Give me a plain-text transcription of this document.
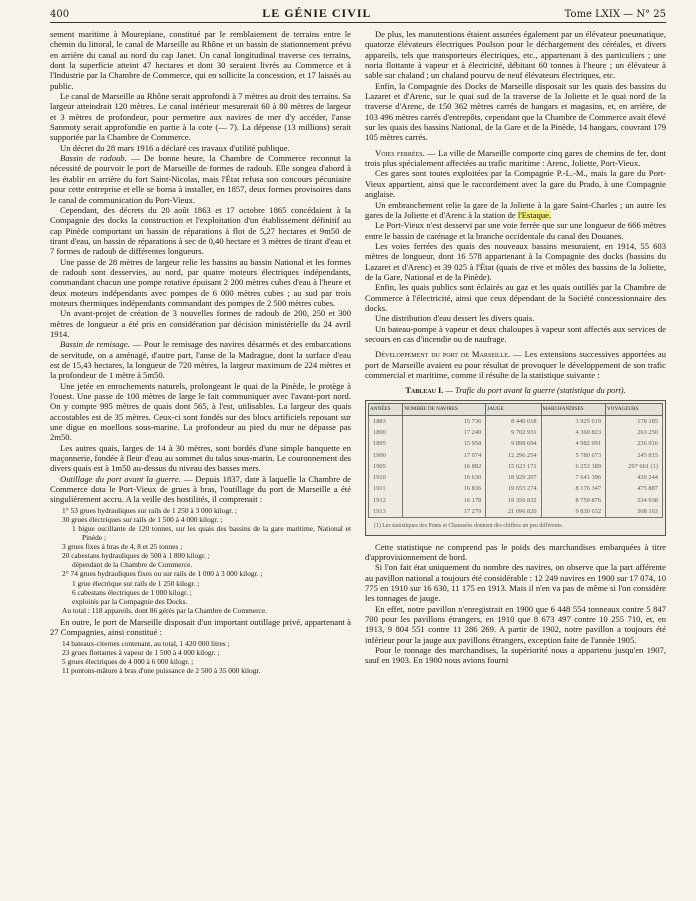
400	LE GÉNIE CIVIL	Tome LXIX — N° 25

sement maritime à Mourepiane, constitué par le remblaiement de terrains entre le chemin du littoral, le canal de Marseille au Rhône et un bassin de stationnement prévu en arrière du canal au nord du cap Janet. Un canal longitudinal traverse ces terrains, dont la superficie atteint 47 hectares et dont 30 seraient livrés au Commerce et à l'Industrie par la Chambre de Commerce, qui en sollicite la concession, et 17 laissés au public.

Le canal de Marseille au Rhône serait approfondi à 7 mètres au droit des terrains. Sa largeur atteindrait 120 mètres. Le canal intérieur mesurerait 60 à 80 mètres de largeur et 3 mètres de profondeur, pour permettre aux navires de mer d'y accéder, l'anse Sanmoty serait approfondie en partie à la cote (— 7). La dépense (13 millions) serait supportée par la Chambre de Commerce.

Un décret du 28 mars 1916 a déclaré ces travaux d'utilité publique.

Bassin de radoub. — De bonne heure, la Chambre de Commerce reconnut la nécessité de pourvoir le port de Marseille de formes de radoub. Elle songea d'abord à les établir en arrière du fort Saint-Nicolas, mais l'État refusa son concours pécuniaire pour cette entreprise et elle se borna à installer, en 1857, deux formes provisoires dans le canal de communication du Port-Vieux.

Cependant, des décrets du 20 août 1863 et 17 octobre 1865 concédaient à la Compagnie des docks la construction et l'exploitation d'un établissement définitif au cap Pinède comportant un bassin de réparations à flot de 5,27 hectares et 9m50 de tirant d'eau, un bassin de réparations à sec de 0,40 hectare et 3 mètres de tirant d'eau et 7 formes de radoub de différentes longueurs.

Une passe de 28 mètres de largeur relie les bassins au bassin National et les formes de radoub sont desservies, au nord, par quatre moteurs électriques indépendants, commandant chacun une pompe rotative épuisant 2 200 mètres cubes d'eau à l'heure et deux moteurs indépendants avec pompes de 6 000 mètres cubes ; au sud par trois moteurs thermiques indépendants commandant des pompes de 2 500 mètres cubes.

Un avant-projet de création de 3 nouvelles formes de radoub de 200, 250 et 300 mètres de longueur a été pris en considération par décision ministérielle du 24 avril 1914.

Bassin de remisage. — Pour le remisage des navires désarmés et des embarcations de servitude, on a aménagé, d'autre part, l'anse de la Madrague, dont la surface d'eau est de 15,43 hectares, la longueur de 720 mètres, la largeur maximum de 224 mètres et la profondeur de 1 mètre à 5m50.

Une jetée en enrochements naturels, prolongeant le quai de la Pinède, le protège à l'ouest. Une passe de 100 mètres de large le fait communiquer avec l'avant-port nord. On y compte 995 mètres de quais dont 565, à l'est, utilisables. La largeur des quais accostables est de 35 mètres. Ceux-ci sont fondés sur des blocs artificiels reposant sur une digue en moellons sous-marine. La profondeur au pied du mur ne dépasse pas 2m50.

Les autres quais, larges de 14 à 30 mètres, sont bordés d'une simple banquette en maçonnerie, fondée à fleur d'eau au sommet du talus sous-marin. Le couronnement des divers quais est à 1m50 au-dessus du niveau des basses mers.

Outillage du port avant la guerre. — Depuis 1837, date à laquelle la Chambre de Commerce dota le Port-Vieux de grues à bras, l'outillage du port de Marseille a été singulièrement accru. A la veille des hostilités, il comprenait :

1° 53 grues hydrauliques sur rails de 1 250 à 3 000 kilogr. ;
30 grues électriques sur rails de 1 500 à 4 000 kilogr. ;
1 bigue oscillante de 120 tonnes, sur les quais des bassins de la gare maritime, National et Pinède ;
3 grues fixes à bras de 4, 8 et 25 tonnes ;
20 cabestans hydrauliques de 500 à 1 800 kilogr. ;
dépendant de la Chambre de Commerce.
2° 74 grues hydrauliques fixes ou sur rails de 1 000 à 3 000 kilogr. ;
1 grue électrique sur rails de 1 250 kilogr. ;
6 cabestans électriques de 1 000 kilogr. ;
exploités par la Compagnie des Docks.
Au total : 118 appareils, dont 86 gérés par la Chambre de Commerce.

En outre, le port de Marseille disposait d'un important outillage privé, appartenant à 27 Compagnies, ainsi constitué :

14 bateaux-citernes contenant, au total, 1 420 000 litres ;
23 grues flottantes à vapeur de 1 500 à 4 000 kilogr. ;
5 grues électriques de 4 000 à 6 000 kilogr. ;
11 pontons-mâture à bras d'une puissance de 2 500 à 35 000 kilogr.

De plus, les manutentions étaient assurées également par un élévateur pneumatique, quatorze élévateurs électriques Poulson pour le déchargement des céréales, et divers appareils, tels que transporteurs électriques, etc., appartenant à des particuliers ; une noria flottante à vapeur et à électricité, débitant 60 tonnes à l'heure ; un élévateur à sable sur chaland ; un chaland pourvu de neuf élévateurs électriques, etc.

Enfin, la Compagnie des Docks de Marseille disposait sur les quais des bassins du Lazaret et d'Arenc, sur le quai sud de la traverse de la Joliette et le quai nord de la traverse d'Arenc, de 150 362 mètres carrés de hangars et magasins, et, en arrière, de 103 496 mètres carrés d'entrepôts, cependant que la Chambre de Commerce avait élevé sur les quais des bassins National, de la Gare et de la Pinède, 14 hangars, couvrant 179 105 mètres carrés.

Voies ferrées. — La ville de Marseille comporte cinq gares de chemins de fer, dont trois plus spécialement affectées au trafic maritime : Arenc, Joliette, Port-Vieux.

Ces gares sont toutes exploitées par la Compagnie P.-L.-M., mais la gare du Port-Vieux appartient, ainsi que le raccordement avec la gare du Prado, à une Compagnie anglaise.

Un embranchement relie la gare de la Joliette à la gare Saint-Charles ; un autre les gares de la Joliette et d'Arenc à la station de l'Estaque.

Le Port-Vieux n'est desservi par une voie ferrée que sur une longueur de 666 mètres entre le bassin de carénage et la branche occidentale du canal des Douanes.

Les voies ferrées des quais des nouveaux bassins mesuraient, en 1914, 55 603 mètres de longueur, dont 16 578 appartenant à la Compagnie des docks (bassins du Lazaret et d'Arenc) et 39 025 à l'État (quais de rive et môles des bassins de la Joliette, de la Gare, National et de la Pinède).

Enfin, les quais publics sont éclairés au gaz et les quais outillés par la Chambre de Commerce à l'électricité, ainsi que ceux dépendant de la Société concessionnaire des docks.

Une distribution d'eau dessert les divers quais.

Un bateau-pompe à vapeur et deux chaloupes à vapeur sont affectés aux services de secours en cas d'incendie ou de naufrage.

Développement du port de Marseille. — Les extensions successives apportées au port de Marseille avaient eu pour résultat de provoquer le développement de son trafic commercial et maritime, comme il résulte de la statistique suivante :

Tableau I. — Trafic du port avant la guerre (statistique du port).
ANNÉES	NOMBRE DE NAVIRES	JAUGE	MARCHANDISES	VOYAGEURS
1883	15 736	8 440 018	3 925 619	178 185
1890	17 240	9 702 931	4 360 823	263 250
1895	15 958	9 898 694	4 982 991	236 916
1900	17 074	12 296 254	5 780 673	245 815
1905	16 882	15 623 171	6 253 389	297 661 (1)
1910	16 630	18 929 207	7 641 396	439 244
1911	16 836	19 653 274	8 176 347	475 887
1912	16 178	19 356 832	8 759 876	534 938
1913	17 279	21 096 820	9 830 632	508 163
(1) Les statistiques des Ponts et Chaussées donnent des chiffres un peu différents.

Cette statistique ne comprend pas le poids des marchandises embarquées à titre d'approvisionnement de bord.

Si l'on fait état uniquement du nombre des navires, on observe que la part afférente au pavillon national a toujours été considérable : 12 249 navires en 1900 sur 17 074, 10 775 en 1910 sur 16 630, 11 175 en 1913. Mais il n'en va pas de même si l'on considère les tonnages de jauge.

En effet, notre pavillon n'enregistrait en 1900 que 6 448 554 tonneaux contre 5 847 700 pour les pavillons étrangers, en 1910 que 8 673 497 contre 10 255 710, et, en 1913, 9 804 551 contre 11 286 269. A partir de 1902, notre pavillon a toujours été inférieur pour la jauge aux pavillons étrangers, exception faite de l'année 1905.

Pour le tonnage des marchandises, la supériorité nous a appartenu jusqu'en 1907, sauf en 1903. En 1900 nous avions fourni
